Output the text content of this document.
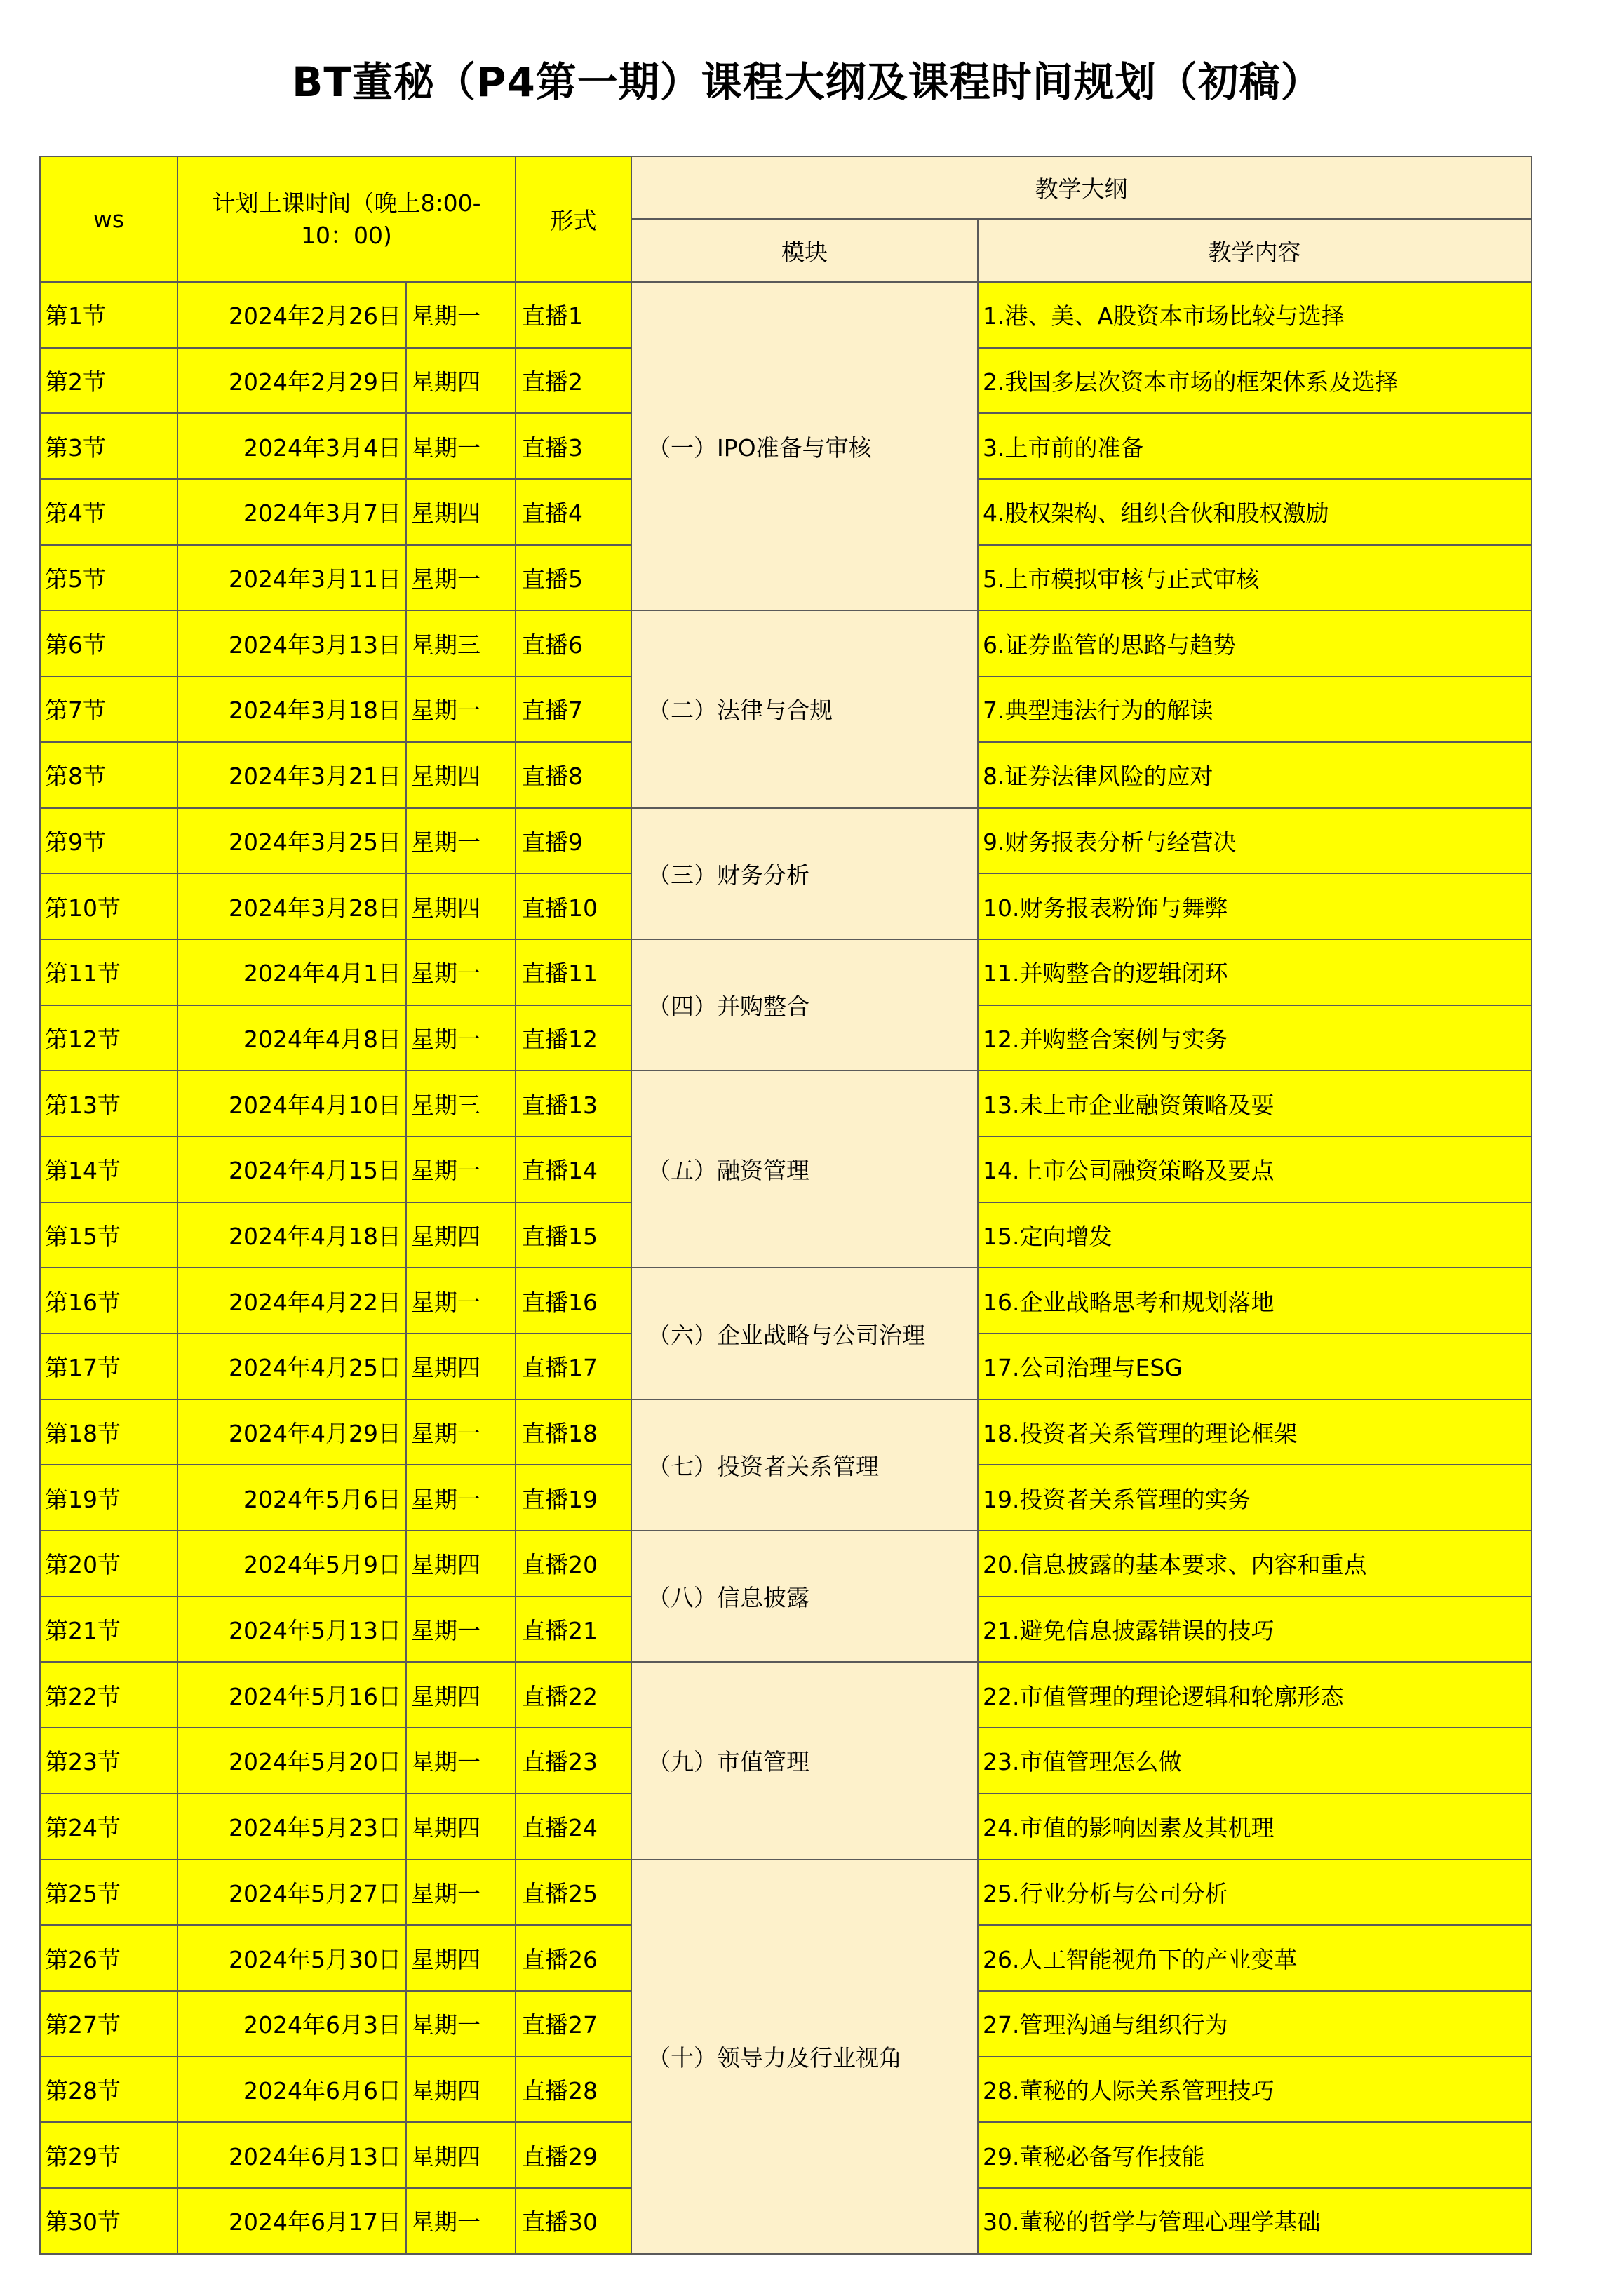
BT董秘（P4第一期）课程大纲及课程时间规划（初稿）
ws	计划上课时间（晚上8:00-10：00)		形式	教学大纲	
				模块	教学内容
第1节	2024年2月26日	星期一	直播1	（一）IPO准备与审核	1.港、美、A股资本市场比较与选择
第2节	2024年2月29日	星期四	直播2		2.我国多层次资本市场的框架体系及选择
第3节	2024年3月4日	星期一	直播3		3.上市前的准备
第4节	2024年3月7日	星期四	直播4		4.股权架构、组织合伙和股权激励
第5节	2024年3月11日	星期一	直播5		5.上市模拟审核与正式审核
第6节	2024年3月13日	星期三	直播6	（二）法律与合规	6.证券监管的思路与趋势
第7节	2024年3月18日	星期一	直播7		7.典型违法行为的解读
第8节	2024年3月21日	星期四	直播8		8.证券法律风险的应对
第9节	2024年3月25日	星期一	直播9	（三）财务分析	9.财务报表分析与经营决
第10节	2024年3月28日	星期四	直播10		10.财务报表粉饰与舞弊
第11节	2024年4月1日	星期一	直播11	（四）并购整合	11.并购整合的逻辑闭环
第12节	2024年4月8日	星期一	直播12		12.并购整合案例与实务
第13节	2024年4月10日	星期三	直播13	（五）融资管理	13.未上市企业融资策略及要
第14节	2024年4月15日	星期一	直播14		14.上市公司融资策略及要点
第15节	2024年4月18日	星期四	直播15		15.定向增发
第16节	2024年4月22日	星期一	直播16	（六）企业战略与公司治理	16.企业战略思考和规划落地
第17节	2024年4月25日	星期四	直播17		17.公司治理与ESG
第18节	2024年4月29日	星期一	直播18	（七）投资者关系管理	18.投资者关系管理的理论框架
第19节	2024年5月6日	星期一	直播19		19.投资者关系管理的实务
第20节	2024年5月9日	星期四	直播20	（八）信息披露	20.信息披露的基本要求、内容和重点
第21节	2024年5月13日	星期一	直播21		21.避免信息披露错误的技巧
第22节	2024年5月16日	星期四	直播22	（九）市值管理	22.市值管理的理论逻辑和轮廓形态
第23节	2024年5月20日	星期一	直播23		23.市值管理怎么做
第24节	2024年5月23日	星期四	直播24		24.市值的影响因素及其机理
第25节	2024年5月27日	星期一	直播25	（十）领导力及行业视角	25.行业分析与公司分析
第26节	2024年5月30日	星期四	直播26		26.人工智能视角下的产业变革
第27节	2024年6月3日	星期一	直播27		27.管理沟通与组织行为
第28节	2024年6月6日	星期四	直播28		28.董秘的人际关系管理技巧
第29节	2024年6月13日	星期四	直播29		29.董秘必备写作技能
第30节	2024年6月17日	星期一	直播30		30.董秘的哲学与管理心理学基础
